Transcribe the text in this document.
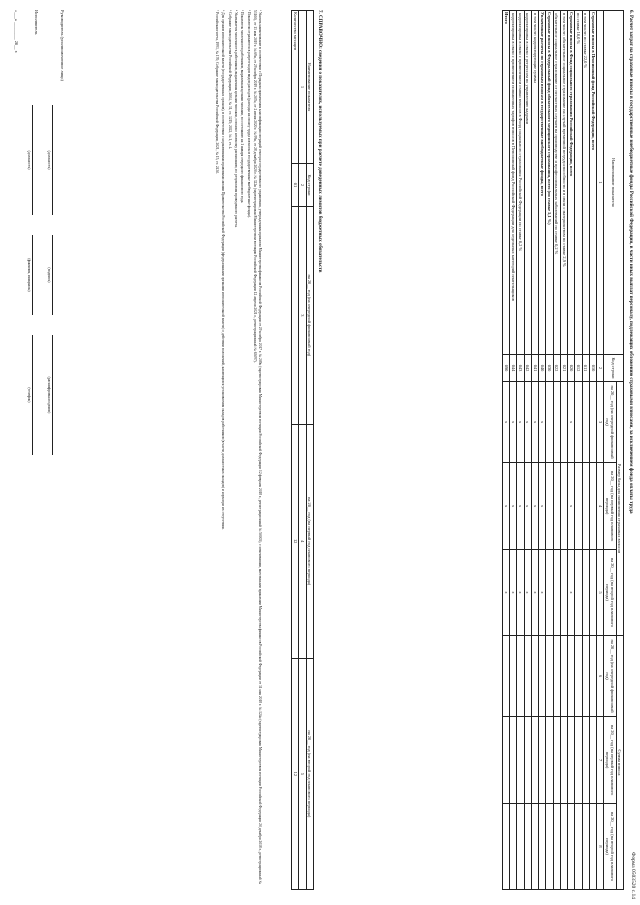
Форма 0503520 с.14
6. Расчет затрат на страховые взносы в государственные внебюджетные фонды Российской Федерации, в части иных выплат персоналу, подлежащих обложению страховыми взносами, за исключением фонда оплаты труда
Наименование показателя	Код строки	Размер базы для начисления страховых взносов			Сумма взноса		
		на 20__ год (на очередной финансовый год)	на 20__ год (на первый год планового периода)	на 20__ год (на второй год планового периода)	на 20__ год (на очередной финансовый год)	на 20__ год (на первый год планового периода)	на 20__ год (на второй год планового периода)
1	2	3	4	5	6	7	8
Страховые взносы в Пенсионный фонд Российской Федерации, всего	010						
в том числе: по ставке 22,0 %	011						
по ставке 10,0 %	012						
Страховые взносы в Фонд социального страхования Российской Федерации, всего	020	х	х	х			
в том числе: обязательное социальное страхование на случай временной нетрудоспособности и в связи с материнством по ставке 2,9 %	021						
обязательное социальное страхование от несчастных случаев на производстве и профессиональных заболеваний по ставке 0,2 %	022						
Страховые взносы в Федеральный фонд обязательного медицинского страхования, всего (по ставке 5,1 %)	030						
Уплаченные расчеты по страховым взносам в государственные внебюджетные фонды, всего	040	х	х	х			
в том числе: корректирующие суммы	041	х	х	х			
корректировка в связи с регрессом по управлению кадрами	042	х	х	х			
корректировка в связи с применением ставки взносов в Фонд социального страхования Российской Федерации по ставке 0,2 %	043	х	х	х			
корректировка в связи с применением пониженных тарифов взносов в Пенсионный фонд Российской Федерации для отдельных категорий плательщиков	044	х	х	х			
Итого	090	х	х	х			
7. СПРАВОЧНО: сведения о показателях, используемых при расчете доведенных лимитов бюджетных обязательств
Наименование показателя	Код строки	на 20__ год (на очередной финансовый год)	на 20__ год (на первый год планового периода)	на 20__ год (на второй год планового периода)
1	2	3	4	5
Количество месяцев	01		12	12

¹ Указать наименование в соответствии с Порядком применения классификации операций сектора государственного управления, утвержденным приказом Министерства финансов Российской Федерации от 29 ноября 2017 г. № 209н (зарегистрирован Министерством юстиции Российской Федерации 12 февраля 2018 г., регистрационный № 50003), с изменениями, внесенными приказами Министерства финансов Российской Федерации от 31 мая 2018 г. № 124н (зарегистрирован Министерством юстиции Российской Федерации 20 декабря 2018 г., регистрационный № 53100), от 13 мая 2019 г. № 69н, от 29 ноября 2019 г. № 207н, от 2 июня 2020 г. № 99н, от 28 декабря 2020 г. № 322н (зарегистрирован Министерством юстиции Российской Федерации 12 апреля 2021 г., регистрационный № 63097).

² Показатели отражаются в разрезе кодов видов расходов (расходы на оплату труда и взносы в государственные внебюджетные фонды).

³ Показатель численности работников, выраженная целыми числами, по состоянию на 1 января очередного финансового года.

⁴ Указывается численность работников, выраженная целыми числами, согласно штатному расписанию, по результатам проведенного расчета.

⁵ Собрание законодательства Российской Федерации, 2004, № 31, ст. 3215; 2022, № 1, ст. 4.

⁶ Для органов исполнительной власти (государственных органов), в соответствии с нормативными правовыми актами Правительства Российской Федерации (федеральными органами исполнительной власти) о действии положений, касающихся установления окладов работников (в части должностных окладов) и норм при их отсутствии.

⁷ Российская газета, 1993, № 170; Собрание законодательства Российской Федерации, 2021, № 15, ст. 2430.

Руководитель (уполномоченное лицо)
(должность)
(подпись)
(расшифровка подписи)
Исполнитель
(должность)
(фамилия, инициалы)
(телефон)
«___» ________ 20__ г.
